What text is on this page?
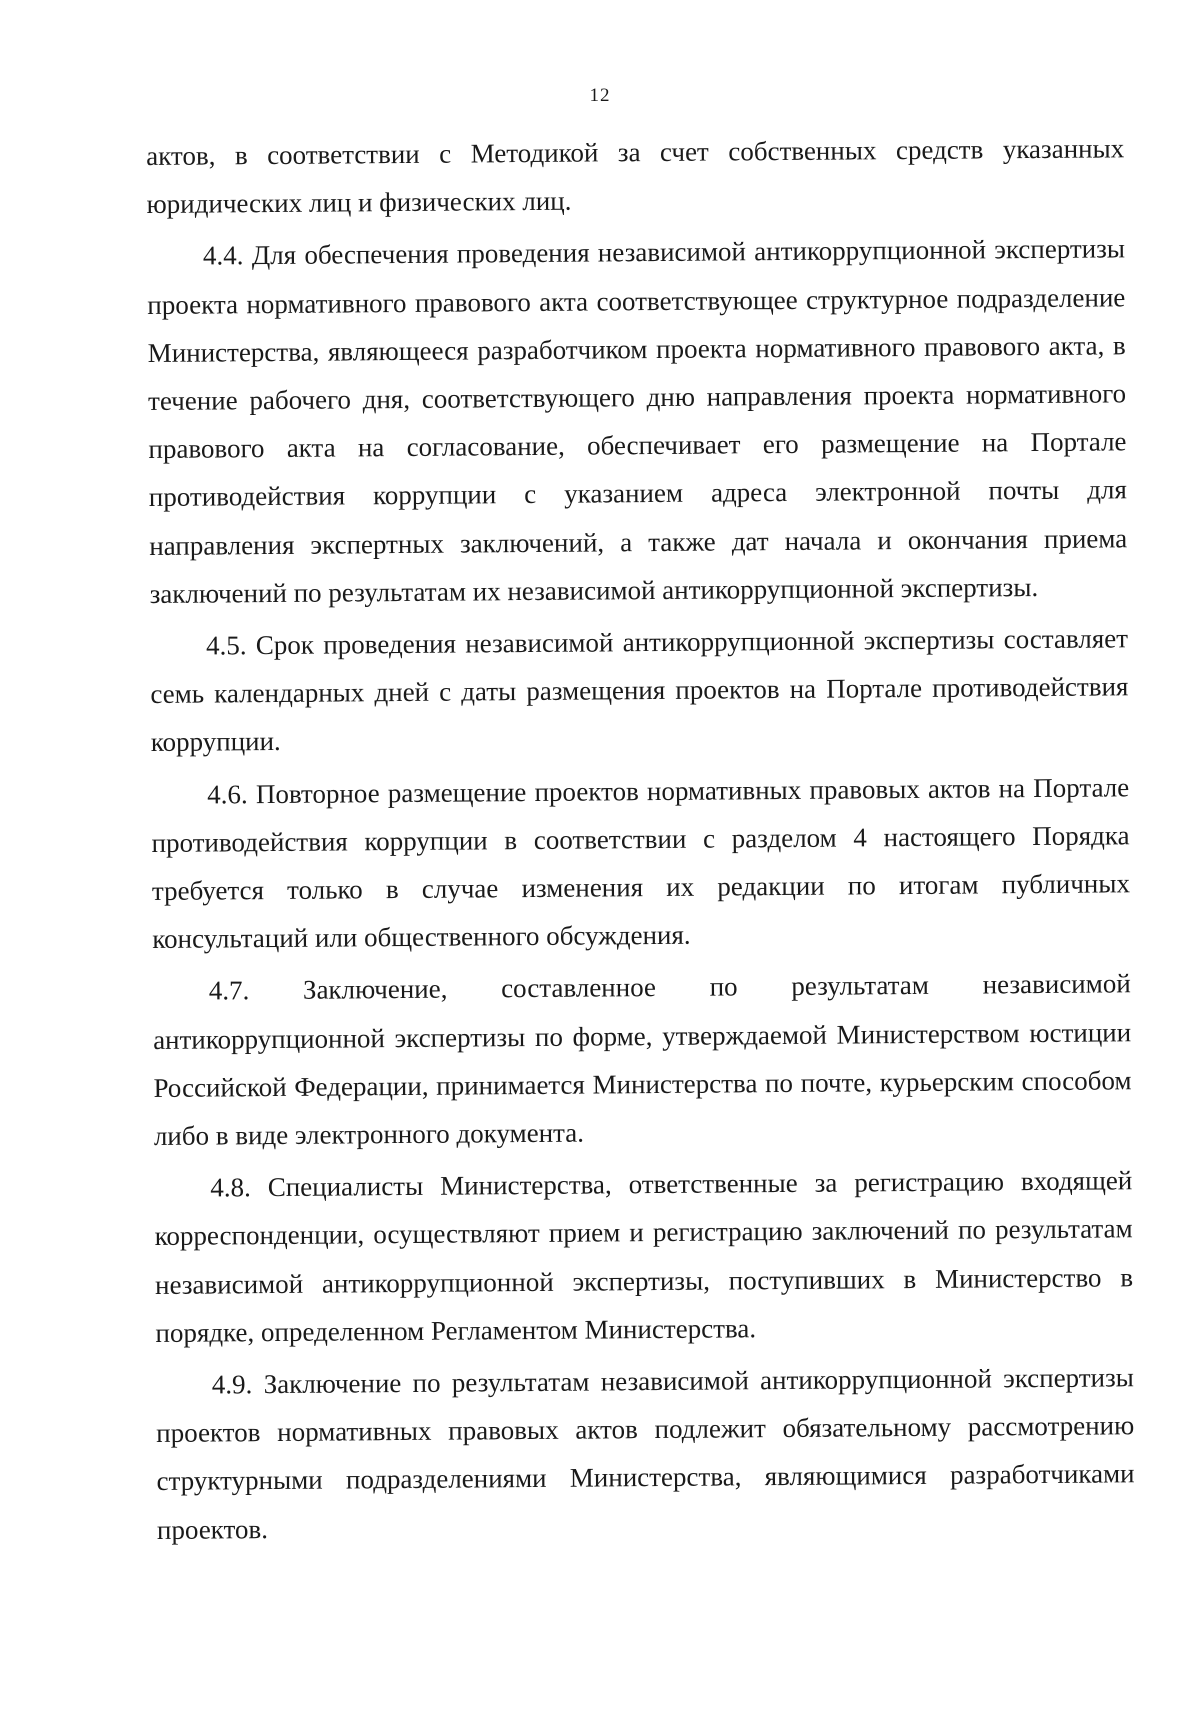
12

актов, в соответствии с Методикой за счет собственных средств указанных юридических лиц и физических лиц.

4.4. Для обеспечения проведения независимой антикоррупционной экспертизы проекта нормативного правового акта соответствующее структурное подразделение Министерства, являющееся разработчиком проекта нормативного правового акта, в течение рабочего дня, соответствующего дню направления проекта нормативного правового акта на согласование, обеспечивает его размещение на Портале противодействия коррупции с указанием адреса электронной почты для направления экспертных заключений, а также дат начала и окончания приема заключений по результатам их независимой антикоррупционной экспертизы.

4.5. Срок проведения независимой антикоррупционной экспертизы составляет семь календарных дней с даты размещения проектов на Портале противодействия коррупции.

4.6. Повторное размещение проектов нормативных правовых актов на Портале противодействия коррупции в соответствии с разделом 4 настоящего Порядка требуется только в случае изменения их редакции по итогам публичных консультаций или общественного обсуждения.

4.7. Заключение, составленное по результатам независимой антикоррупционной экспертизы по форме, утверждаемой Министерством юстиции Российской Федерации, принимается Министерства по почте, курьерским способом либо в виде электронного документа.

4.8. Специалисты Министерства, ответственные за регистрацию входящей корреспонденции, осуществляют прием и регистрацию заключений по результатам независимой антикоррупционной экспертизы, поступивших в Министерство в порядке, определенном Регламентом Министерства.

4.9. Заключение по результатам независимой антикоррупционной экспертизы проектов нормативных правовых актов подлежит обязательному рассмотрению структурными подразделениями Министерства, являющимися разработчиками проектов.
